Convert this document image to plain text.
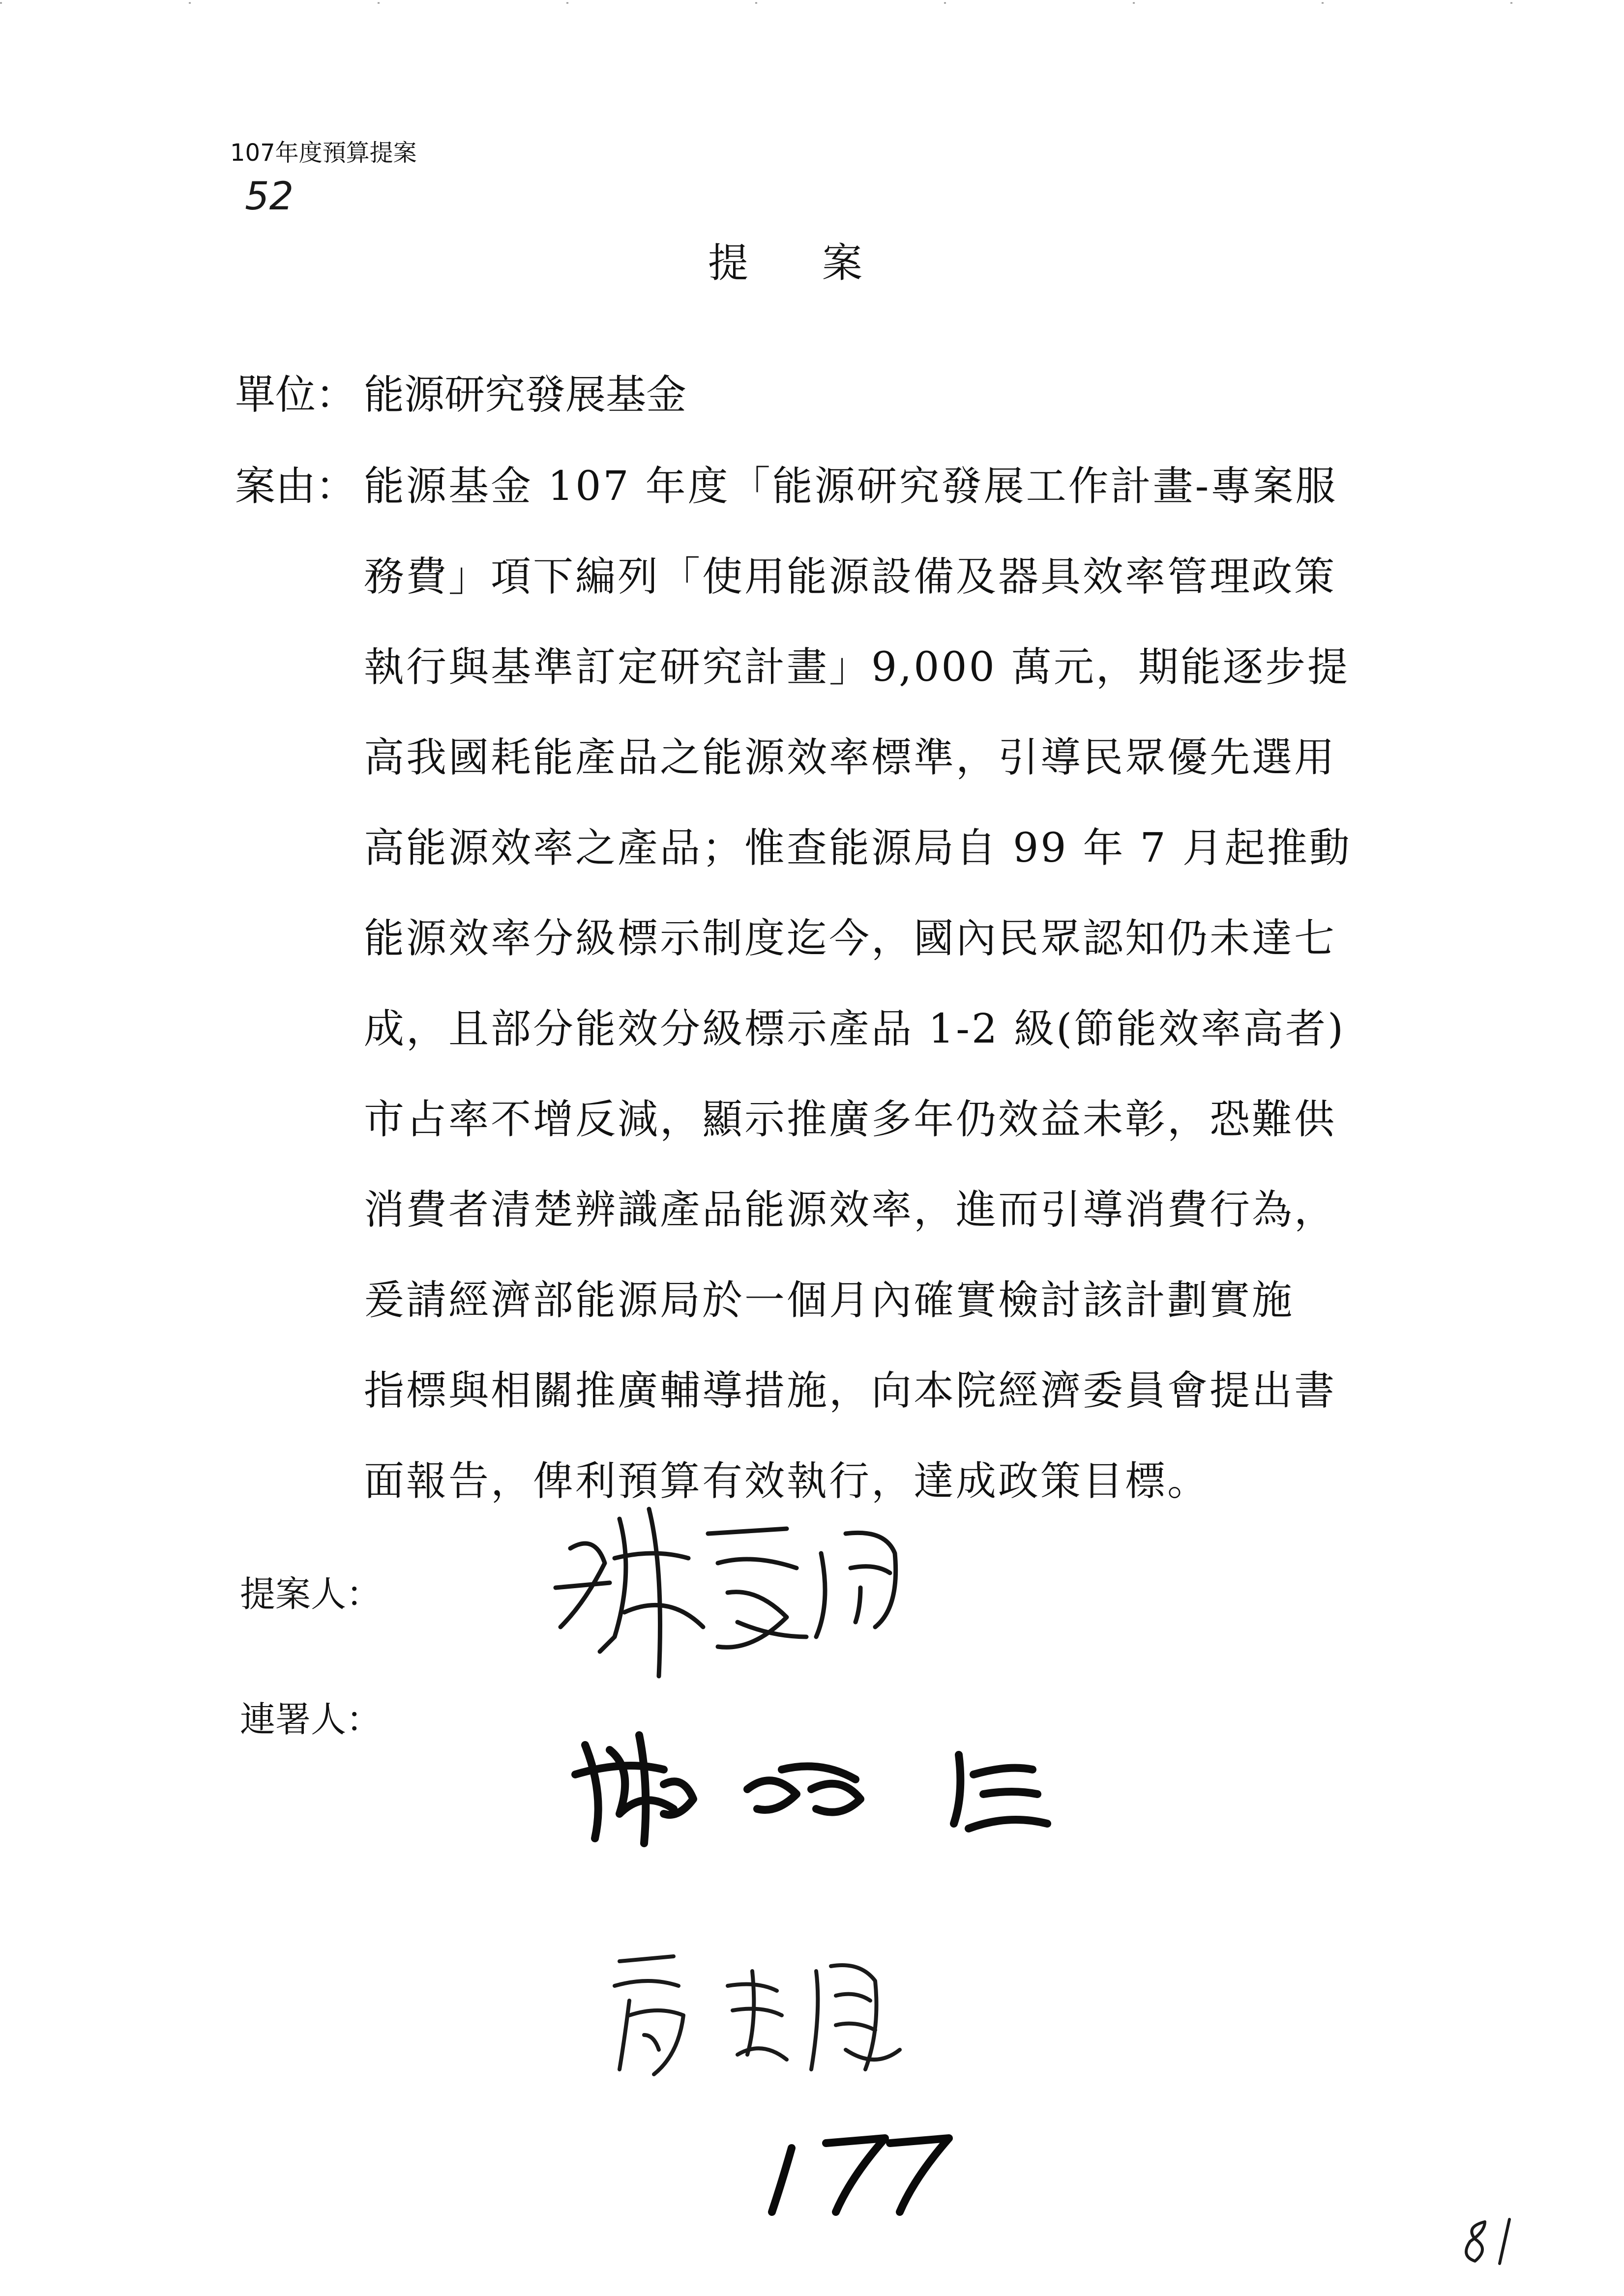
107年度預算提案
52
提案
單位： 能源研究發展基金
案由： 能源基金 107 年度「能源研究發展工作計畫-專案服
務費」項下編列「使用能源設備及器具效率管理政策
執行與基準訂定研究計畫」9,000 萬元，期能逐步提
高我國耗能產品之能源效率標準，引導民眾優先選用
高能源效率之產品；惟查能源局自 99 年 7 月起推動
能源效率分級標示制度迄今，國內民眾認知仍未達七
成，且部分能效分級標示產品 1-2 級(節能效率高者)
市占率不增反減，顯示推廣多年仍效益未彰，恐難供
消費者清楚辨識產品能源效率，進而引導消費行為，
爰請經濟部能源局於一個月內確實檢討該計劃實施
指標與相關推廣輔導措施，向本院經濟委員會提出書
面報告，俾利預算有效執行，達成政策目標。
提案人：
連署人：
177
81
